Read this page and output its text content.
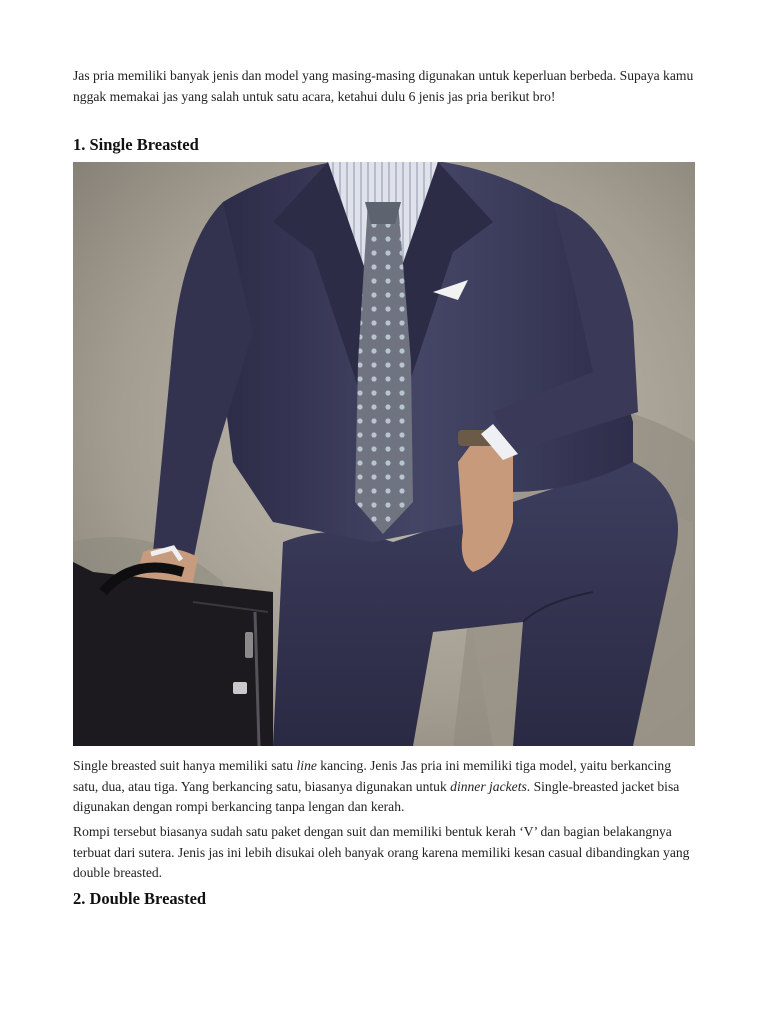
Jas pria memiliki banyak jenis dan model yang masing-masing digunakan untuk keperluan berbeda. Supaya kamu nggak memakai jas yang salah untuk satu acara, ketahui dulu 6 jenis jas pria berikut bro!

1. Single Breasted

Single breasted suit hanya memiliki satu line kancing. Jenis Jas pria ini memiliki tiga model, yaitu berkancing satu, dua, atau tiga. Yang berkancing satu, biasanya digunakan untuk dinner jackets. Single-breasted jacket bisa digunakan dengan rompi berkancing tanpa lengan dan kerah.

Rompi tersebut biasanya sudah satu paket dengan suit dan memiliki bentuk kerah ‘V’ dan bagian belakangnya terbuat dari sutera. Jenis jas ini lebih disukai oleh banyak orang karena memiliki kesan casual dibandingkan yang double breasted.

2. Double Breasted
